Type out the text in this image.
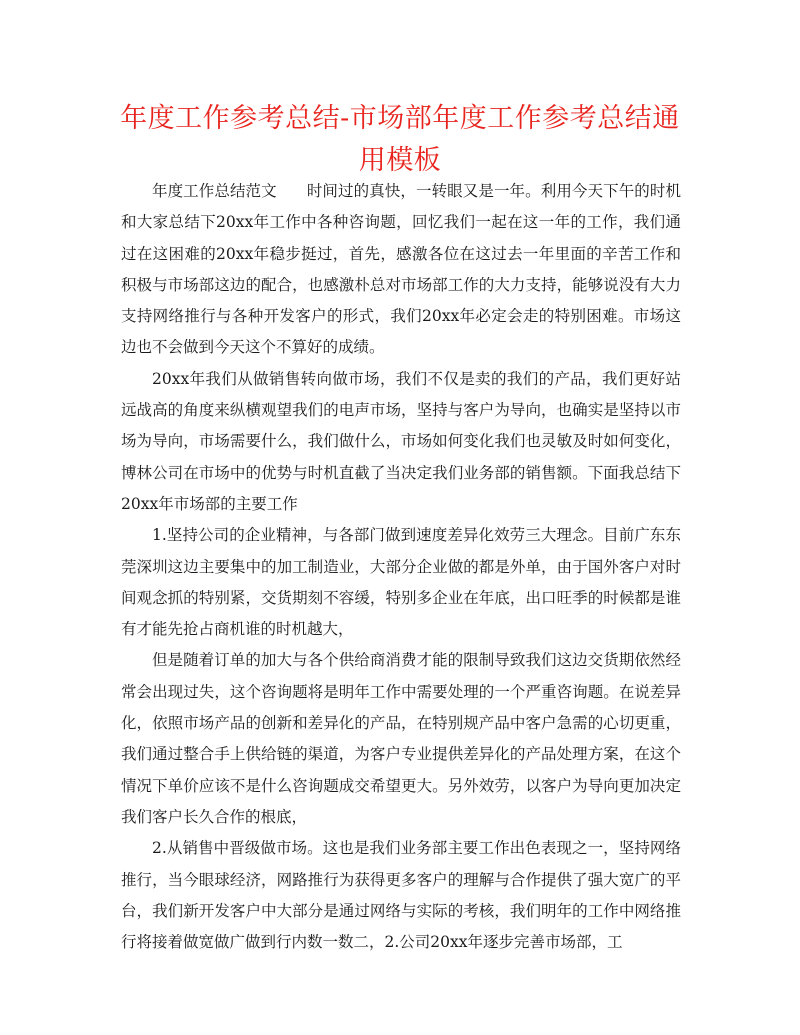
年度工作参考总结-市场部年度工作参考总结通用模板

年度工作总结范文 时间过的真快，一转眼又是一年。利用今天下午的时机和大家总结下20xx年工作中各种咨询题，回忆我们一起在这一年的工作，我们通过在这困难的20xx年稳步挺过，首先，感激各位在这过去一年里面的辛苦工作和积极与市场部这边的配合，也感激朴总对市场部工作的大力支持，能够说没有大力支持网络推行与各种开发客户的形式，我们20xx年必定会走的特别困难。市场这边也不会做到今天这个不算好的成绩。

20xx年我们从做销售转向做市场，我们不仅是卖的我们的产品，我们更好站远战高的角度来纵横观望我们的电声市场，坚持与客户为导向，也确实是坚持以市场为导向，市场需要什么，我们做什么，市场如何变化我们也灵敏及时如何变化，博林公司在市场中的优势与时机直截了当决定我们业务部的销售额。下面我总结下20xx年市场部的主要工作

1.坚持公司的企业精神，与各部门做到速度差异化效劳三大理念。目前广东东莞深圳这边主要集中的加工制造业，大部分企业做的都是外单，由于国外客户对时间观念抓的特别紧，交货期刻不容缓，特别多企业在年底，出口旺季的时候都是谁有才能先抢占商机谁的时机越大，

但是随着订单的加大与各个供给商消费才能的限制导致我们这边交货期依然经常会出现过失，这个咨询题将是明年工作中需要处理的一个严重咨询题。在说差异化，依照市场产品的创新和差异化的产品，在特别规产品中客户急需的心切更重，我们通过整合手上供给链的渠道，为客户专业提供差异化的产品处理方案，在这个情况下单价应该不是什么咨询题成交希望更大。另外效劳，以客户为导向更加决定我们客户长久合作的根底，

2.从销售中晋级做市场。这也是我们业务部主要工作出色表现之一，坚持网络推行，当今眼球经济，网路推行为获得更多客户的理解与合作提供了强大宽广的平台，我们新开发客户中大部分是通过网络与实际的考核，我们明年的工作中网络推行将接着做宽做广做到行内数一数二，2.公司20xx年逐步完善市场部，工
